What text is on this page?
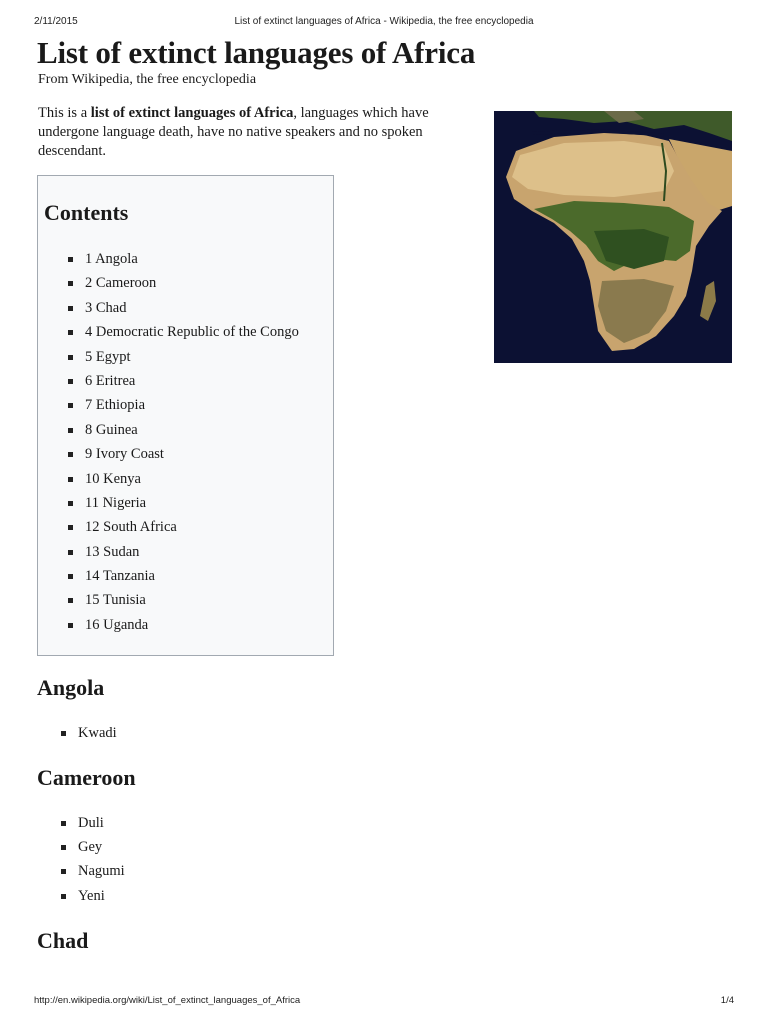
2/11/2015	List of extinct languages of Africa - Wikipedia, the free encyclopedia
List of extinct languages of Africa
From Wikipedia, the free encyclopedia

This is a list of extinct languages of Africa, languages which have undergone language death, have no native speakers and no spoken descendant.

Contents
1 Angola
2 Cameroon
3 Chad
4 Democratic Republic of the Congo
5 Egypt
6 Eritrea
7 Ethiopia
8 Guinea
9 Ivory Coast
10 Kenya
11 Nigeria
12 South Africa
13 Sudan
14 Tanzania
15 Tunisia
16 Uganda
Angola
Kwadi
Cameroon
Duli
Gey
Nagumi
Yeni
Chad
http://en.wikipedia.org/wiki/List_of_extinct_languages_of_Africa	1/4
